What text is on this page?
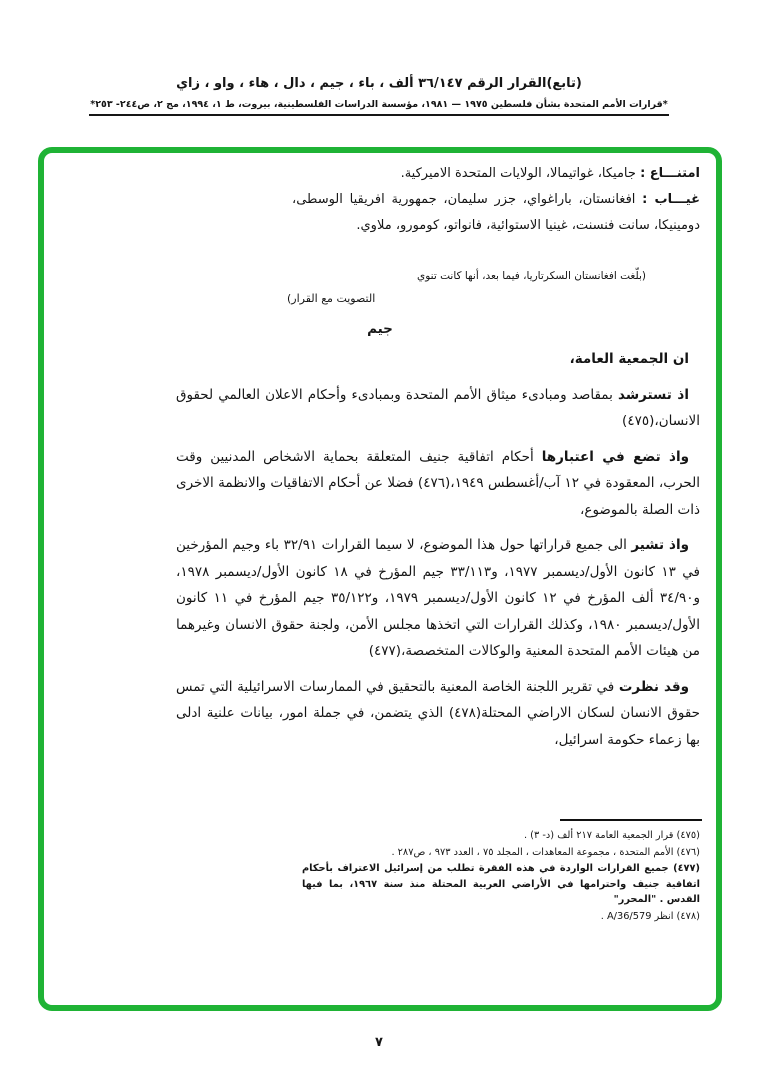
(تابع)القرار الرقم ٣٦/١٤٧ ألف ، باء ، جيم ، دال ، هاء ، واو ، زاي
*قرارات الأمم المتحدة بشأن فلسطين ١٩٧٥ — ١٩٨١، مؤسسة الدراسات الفلسطينية، بيروت، ط ١، ١٩٩٤، مج ٢، ص٢٤٤- ٢٥٣*
امتنـــاع : جاميكا، غواتيمالا، الولايات المتحدة الاميركية.
غيـــاب : افغانستان، باراغواي، جزر سليمان، جمهورية افريقيا الوسطى، دومينيكا، سانت فنسنت، غينيا الاستوائية، فانواتو، كومورو، ملاوي.
(بلّغت افغانستان السكرتاريا، فيما بعد، أنها كانت تنوي
التصويت مع القرار)
جيم

ان الجمعية العامة،

اذ تسترشد بمقاصد ومبادىء ميثاق الأمم المتحدة وبمبادىء وأحكام الاعلان العالمي لحقوق الانسان،(٤٧٥)

واذ تضع في اعتبارها أحكام اتفاقية جنيف المتعلقة بحماية الاشخاص المدنيين وقت الحرب، المعقودة في ١٢ آب/أغسطس ١٩٤٩،(٤٧٦) فضلا عن أحكام الاتفاقيات والانظمة الاخرى ذات الصلة بالموضوع،

واذ تشير الى جميع قراراتها حول هذا الموضوع، لا سيما القرارات ٣٢/٩١ باء وجيم المؤرخين في ١٣ كانون الأول/ديسمبر ١٩٧٧، و٣٣/١١٣ جيم المؤرخ في ١٨ كانون الأول/ديسمبر ١٩٧٨، و٣٤/٩٠ ألف المؤرخ في ١٢ كانون الأول/ديسمبر ١٩٧٩، و٣٥/١٢٢ جيم المؤرخ في ١١ كانون الأول/ديسمبر ١٩٨٠، وكذلك القرارات التي اتخذها مجلس الأمن، ولجنة حقوق الانسان وغيرهما من هيئات الأمم المتحدة المعنية والوكالات المتخصصة،(٤٧٧)

وقد نظرت في تقرير اللجنة الخاصة المعنية بالتحقيق في الممارسات الاسرائيلية التي تمس حقوق الانسان لسكان الاراضي المحتلة(٤٧٨) الذي يتضمن، في جملة امور، بيانات علنية ادلى بها زعماء حكومة اسرائيل،

(٤٧٥) قرار الجمعية العامة ٢١٧ ألف (د- ٣) .
(٤٧٦) الأمم المتحدة ، مجموعة المعاهدات ، المجلد ٧٥ ، العدد ٩٧٣ ، ص٢٨٧ .
(٤٧٧) جميع القرارات الواردة في هذه الفقرة تطلب من إسرائيل الاعتراف بأحكام اتفاقية جنيف واحترامها في الأراضي العربية المحتلة منذ سنة ١٩٦٧، بما فيها القدس . "المحرر"
(٤٧٨) انظر A/36/579 .
٧
